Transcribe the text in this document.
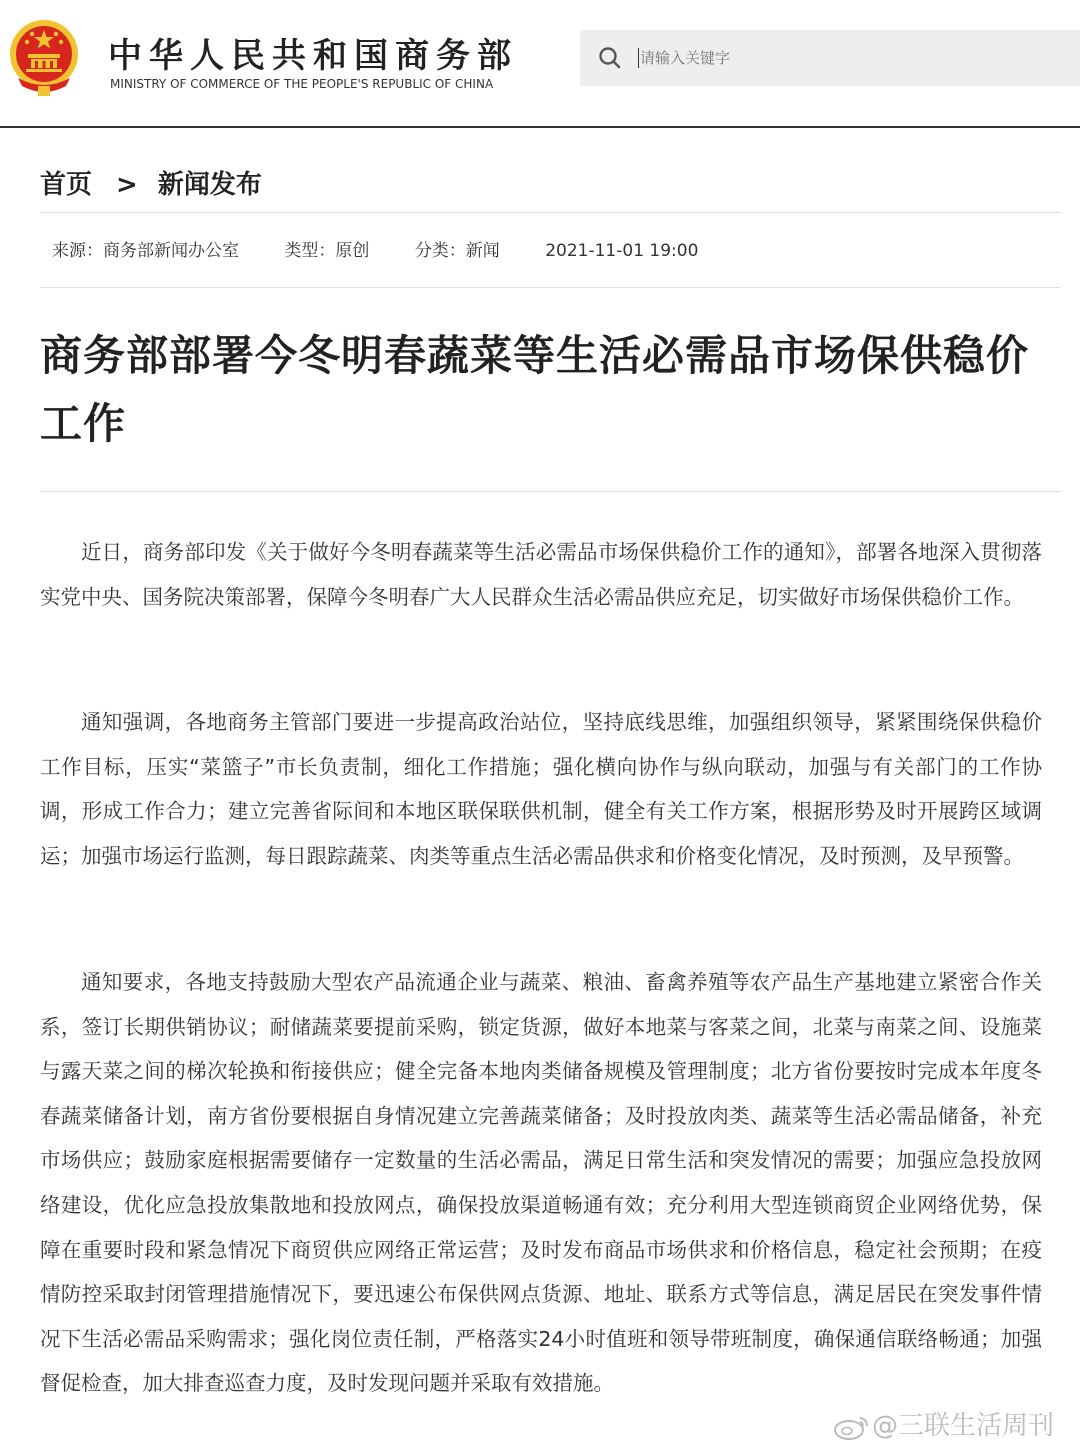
中华人民共和国商务部
MINISTRY OF COMMERCE OF THE PEOPLE'S REPUBLIC OF CHINA
请输入关键字
首页 > 新闻发布
来源：商务部新闻办公室	类型：原创	分类：新闻	2021-11-01 19:00
商务部部署今冬明春蔬菜等生活必需品市场保供稳价工作

近日，商务部印发《关于做好今冬明春蔬菜等生活必需品市场保供稳价工作的通知》，部署各地深入贯彻落实党中央、国务院决策部署，保障今冬明春广大人民群众生活必需品供应充足，切实做好市场保供稳价工作。

通知强调，各地商务主管部门要进一步提高政治站位，坚持底线思维，加强组织领导，紧紧围绕保供稳价工作目标，压实“菜篮子”市长负责制，细化工作措施；强化横向协作与纵向联动，加强与有关部门的工作协调，形成工作合力；建立完善省际间和本地区联保联供机制，健全有关工作方案，根据形势及时开展跨区域调运；加强市场运行监测，每日跟踪蔬菜、肉类等重点生活必需品供求和价格变化情况，及时预测，及早预警。

通知要求，各地支持鼓励大型农产品流通企业与蔬菜、粮油、畜禽养殖等农产品生产基地建立紧密合作关系，签订长期供销协议；耐储蔬菜要提前采购，锁定货源，做好本地菜与客菜之间，北菜与南菜之间、设施菜与露天菜之间的梯次轮换和衔接供应；健全完备本地肉类储备规模及管理制度；北方省份要按时完成本年度冬春蔬菜储备计划，南方省份要根据自身情况建立完善蔬菜储备；及时投放肉类、蔬菜等生活必需品储备，补充市场供应；鼓励家庭根据需要储存一定数量的生活必需品，满足日常生活和突发情况的需要；加强应急投放网络建设，优化应急投放集散地和投放网点，确保投放渠道畅通有效；充分利用大型连锁商贸企业网络优势，保障在重要时段和紧急情况下商贸供应网络正常运营；及时发布商品市场供求和价格信息，稳定社会预期；在疫情防控采取封闭管理措施情况下，要迅速公布保供网点货源、地址、联系方式等信息，满足居民在突发事件情况下生活必需品采购需求；强化岗位责任制，严格落实24小时值班和领导带班制度，确保通信联络畅通；加强督促检查，加大排查巡查力度，及时发现问题并采取有效措施。

@三联生活周刊
